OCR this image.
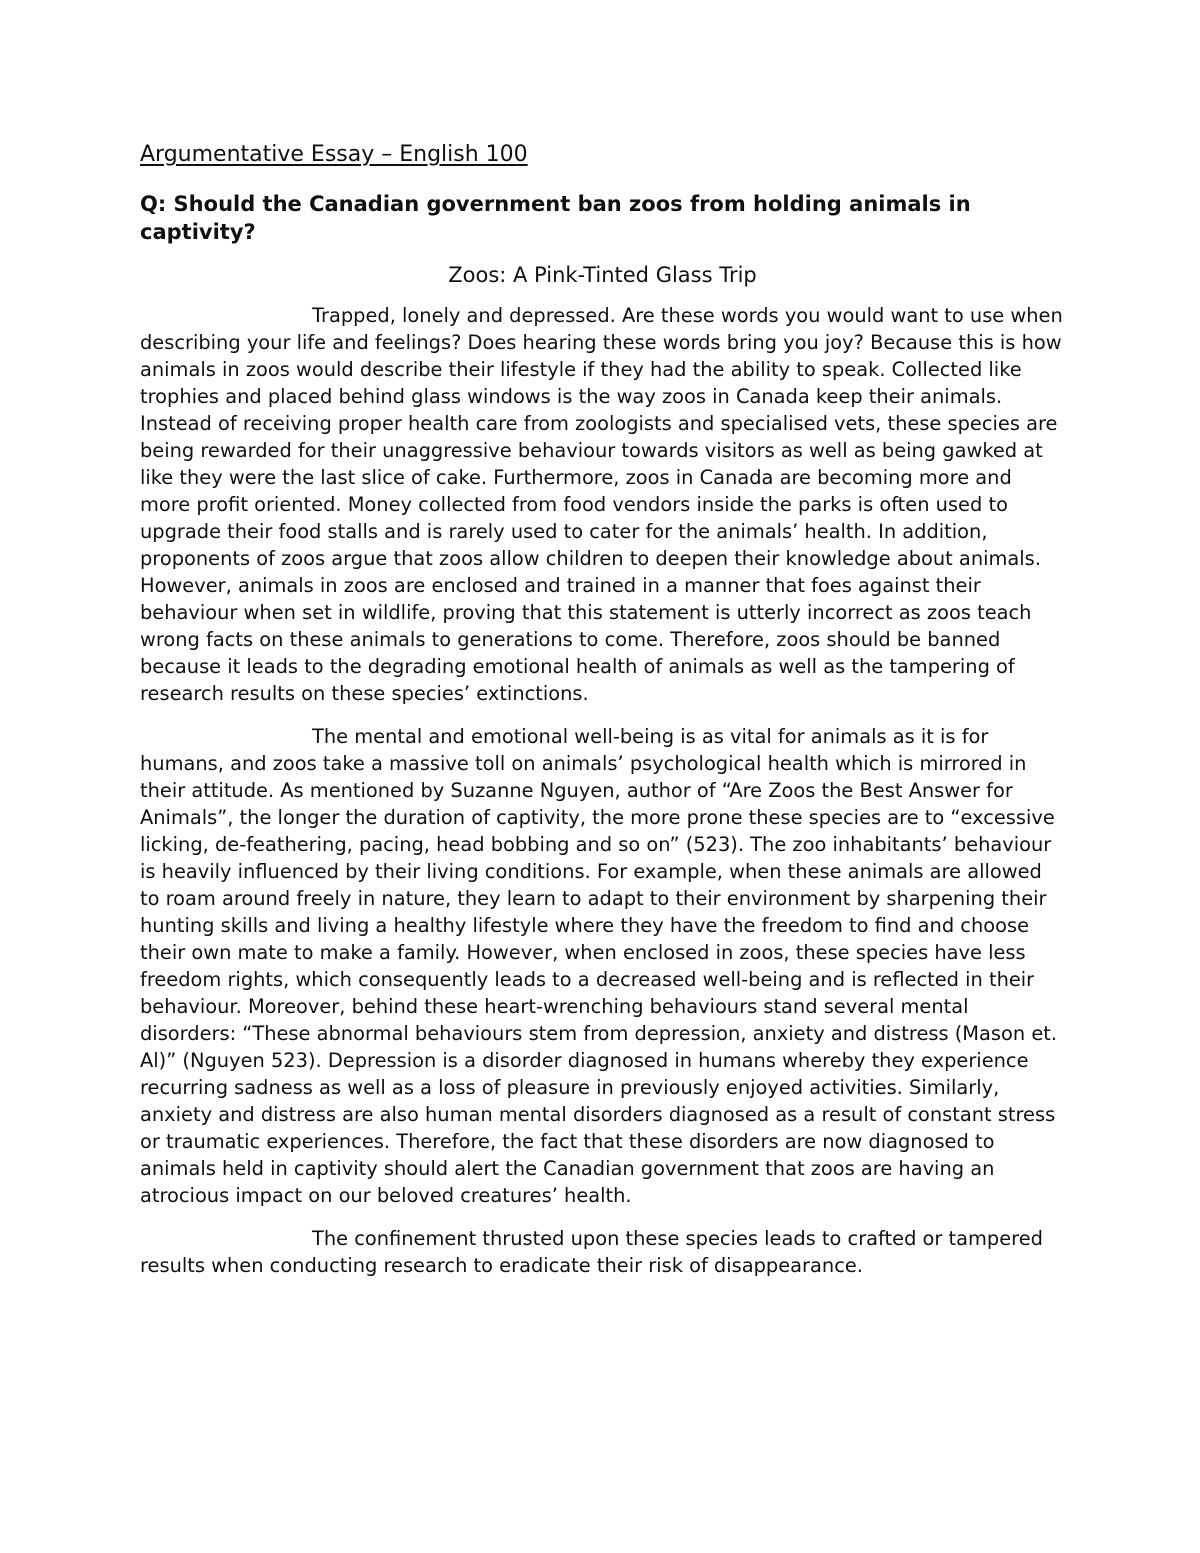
Argumentative Essay – English 100
Q: Should the Canadian government ban zoos from holding animals in captivity?
Zoos: A Pink-Tinted Glass Trip

Trapped, lonely and depressed. Are these words you would want to use when describing your life and feelings? Does hearing these words bring you joy? Because this is how animals in zoos would describe their lifestyle if they had the ability to speak. Collected like trophies and placed behind glass windows is the way zoos in Canada keep their animals. Instead of receiving proper health care from zoologists and specialised vets, these species are being rewarded for their unaggressive behaviour towards visitors as well as being gawked at like they were the last slice of cake. Furthermore, zoos in Canada are becoming more and more profit oriented. Money collected from food vendors inside the parks is often used to upgrade their food stalls and is rarely used to cater for the animals’ health. In addition, proponents of zoos argue that zoos allow children to deepen their knowledge about animals. However, animals in zoos are enclosed and trained in a manner that foes against their behaviour when set in wildlife, proving that this statement is utterly incorrect as zoos teach wrong facts on these animals to generations to come. Therefore, zoos should be banned because it leads to the degrading emotional health of animals as well as the tampering of research results on these species’ extinctions.

The mental and emotional well-being is as vital for animals as it is for humans, and zoos take a massive toll on animals’ psychological health which is mirrored in their attitude. As mentioned by Suzanne Nguyen, author of “Are Zoos the Best Answer for Animals”, the longer the duration of captivity, the more prone these species are to “excessive licking, de-feathering, pacing, head bobbing and so on” (523). The zoo inhabitants’ behaviour is heavily influenced by their living conditions. For example, when these animals are allowed to roam around freely in nature, they learn to adapt to their environment by sharpening their hunting skills and living a healthy lifestyle where they have the freedom to find and choose their own mate to make a family. However, when enclosed in zoos, these species have less freedom rights, which consequently leads to a decreased well-being and is reflected in their behaviour. Moreover, behind these heart-wrenching behaviours stand several mental disorders: “These abnormal behaviours stem from depression, anxiety and distress (Mason et. Al)” (Nguyen 523). Depression is a disorder diagnosed in humans whereby they experience recurring sadness as well as a loss of pleasure in previously enjoyed activities. Similarly, anxiety and distress are also human mental disorders diagnosed as a result of constant stress or traumatic experiences. Therefore, the fact that these disorders are now diagnosed to animals held in captivity should alert the Canadian government that zoos are having an atrocious impact on our beloved creatures’ health.

The confinement thrusted upon these species leads to crafted or tampered results when conducting research to eradicate their risk of disappearance.
